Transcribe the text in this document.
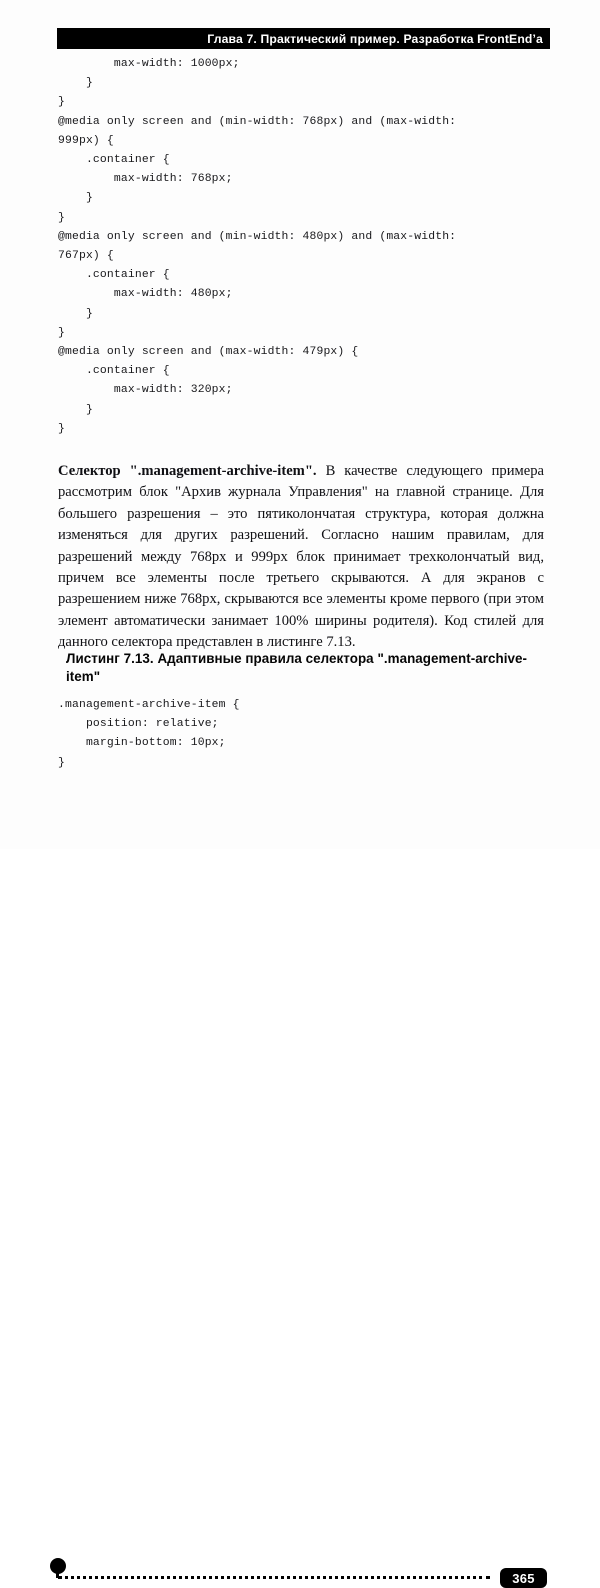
Глава 7. Практический пример. Разработка FrontEndʼa
max-width: 1000px;
}
}
@media only screen and (min-width: 768px) and (max-width:
999px) {
.container {
max-width: 768px;
}
}
@media only screen and (min-width: 480px) and (max-width:
767px) {
.container {
max-width: 480px;
}
}
@media only screen and (max-width: 479px) {
.container {
max-width: 320px;
}
}
Селектор ".management-archive-item". В качестве следующего примера рассмотрим блок "Архив журнала Управления" на главной странице. Для большего разрешения – это пятиколончатая структура, которая должна изменяться для других разрешений. Согласно нашим правилам, для разрешений между 768px и 999px блок принимает трехколончатый вид, причем все элементы после третьего скрываются. А для экранов с разрешением ниже 768px, скрываются все элементы кроме первого (при этом элемент автоматически занимает 100% ширины родителя). Код стилей для данного селектора представлен в листинге 7.13.
Листинг 7.13. Адаптивные правила селектора ".management-archive-item"
.management-archive-item {
position: relative;
margin-bottom: 10px;
}
365
